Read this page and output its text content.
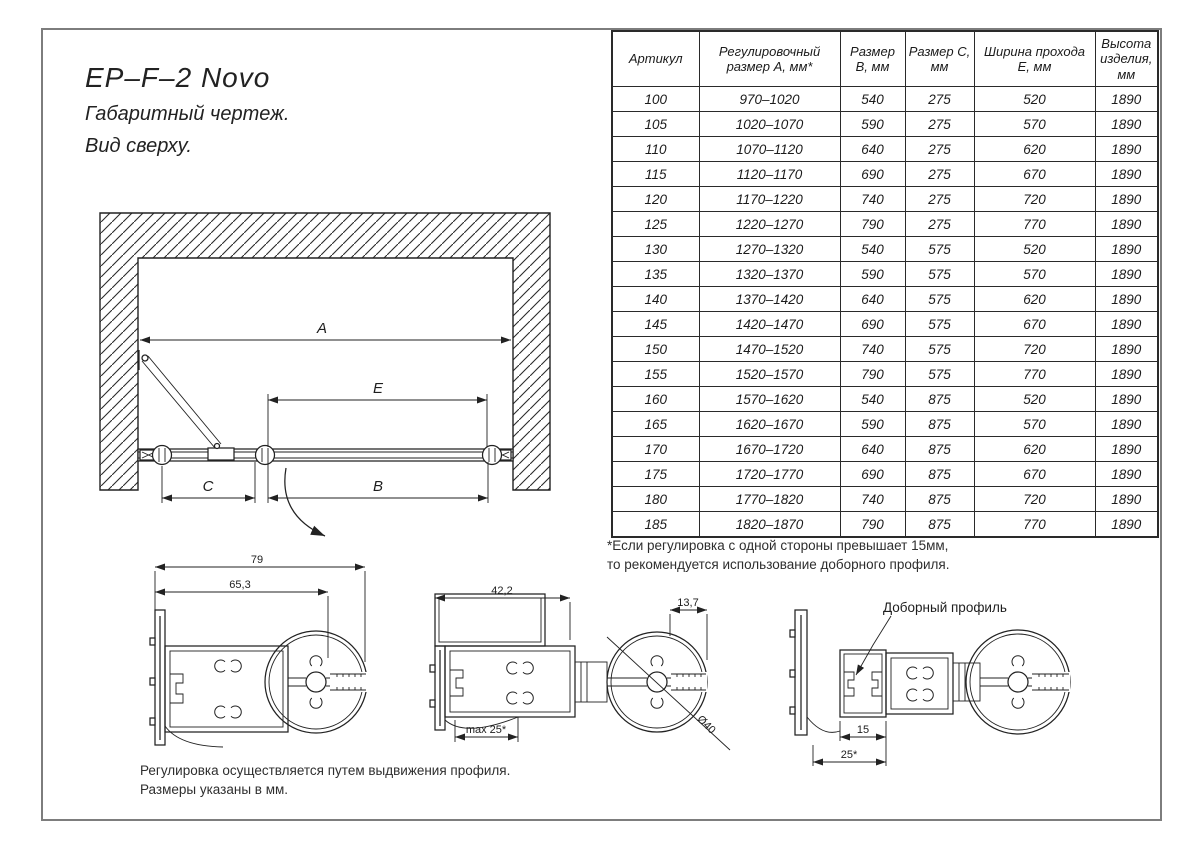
EP–F–2 Novo
Габаритный чертеж.
Вид сверху.
A
E
C	B
Артикул	Регулировочный размер А, мм*	Размер В, мм	Размер С, мм	Ширина прохода Е, мм	Высота изделия, мм
100	970–1020	540	275	520	1890
105	1020–1070	590	275	570	1890
110	1070–1120	640	275	620	1890
115	1120–1170	690	275	670	1890
120	1170–1220	740	275	720	1890
125	1220–1270	790	275	770	1890
130	1270–1320	540	575	520	1890
135	1320–1370	590	575	570	1890
140	1370–1420	640	575	620	1890
145	1420–1470	690	575	670	1890
150	1470–1520	740	575	720	1890
155	1520–1570	790	575	770	1890
160	1570–1620	540	875	520	1890
165	1620–1670	590	875	570	1890
170	1670–1720	640	875	620	1890
175	1720–1770	690	875	670	1890
180	1770–1820	740	875	720	1890
185	1820–1870	790	875	770	1890
*Если регулировка с одной стороны превышает 15мм,
то рекомендуется использование доборного профиля.
79
65,3	42,2
13,7
max 25*	Ø40
Доборный профиль
15
25*
Регулировка осуществляется путем выдвижения профиля.
Размеры указаны в мм.
